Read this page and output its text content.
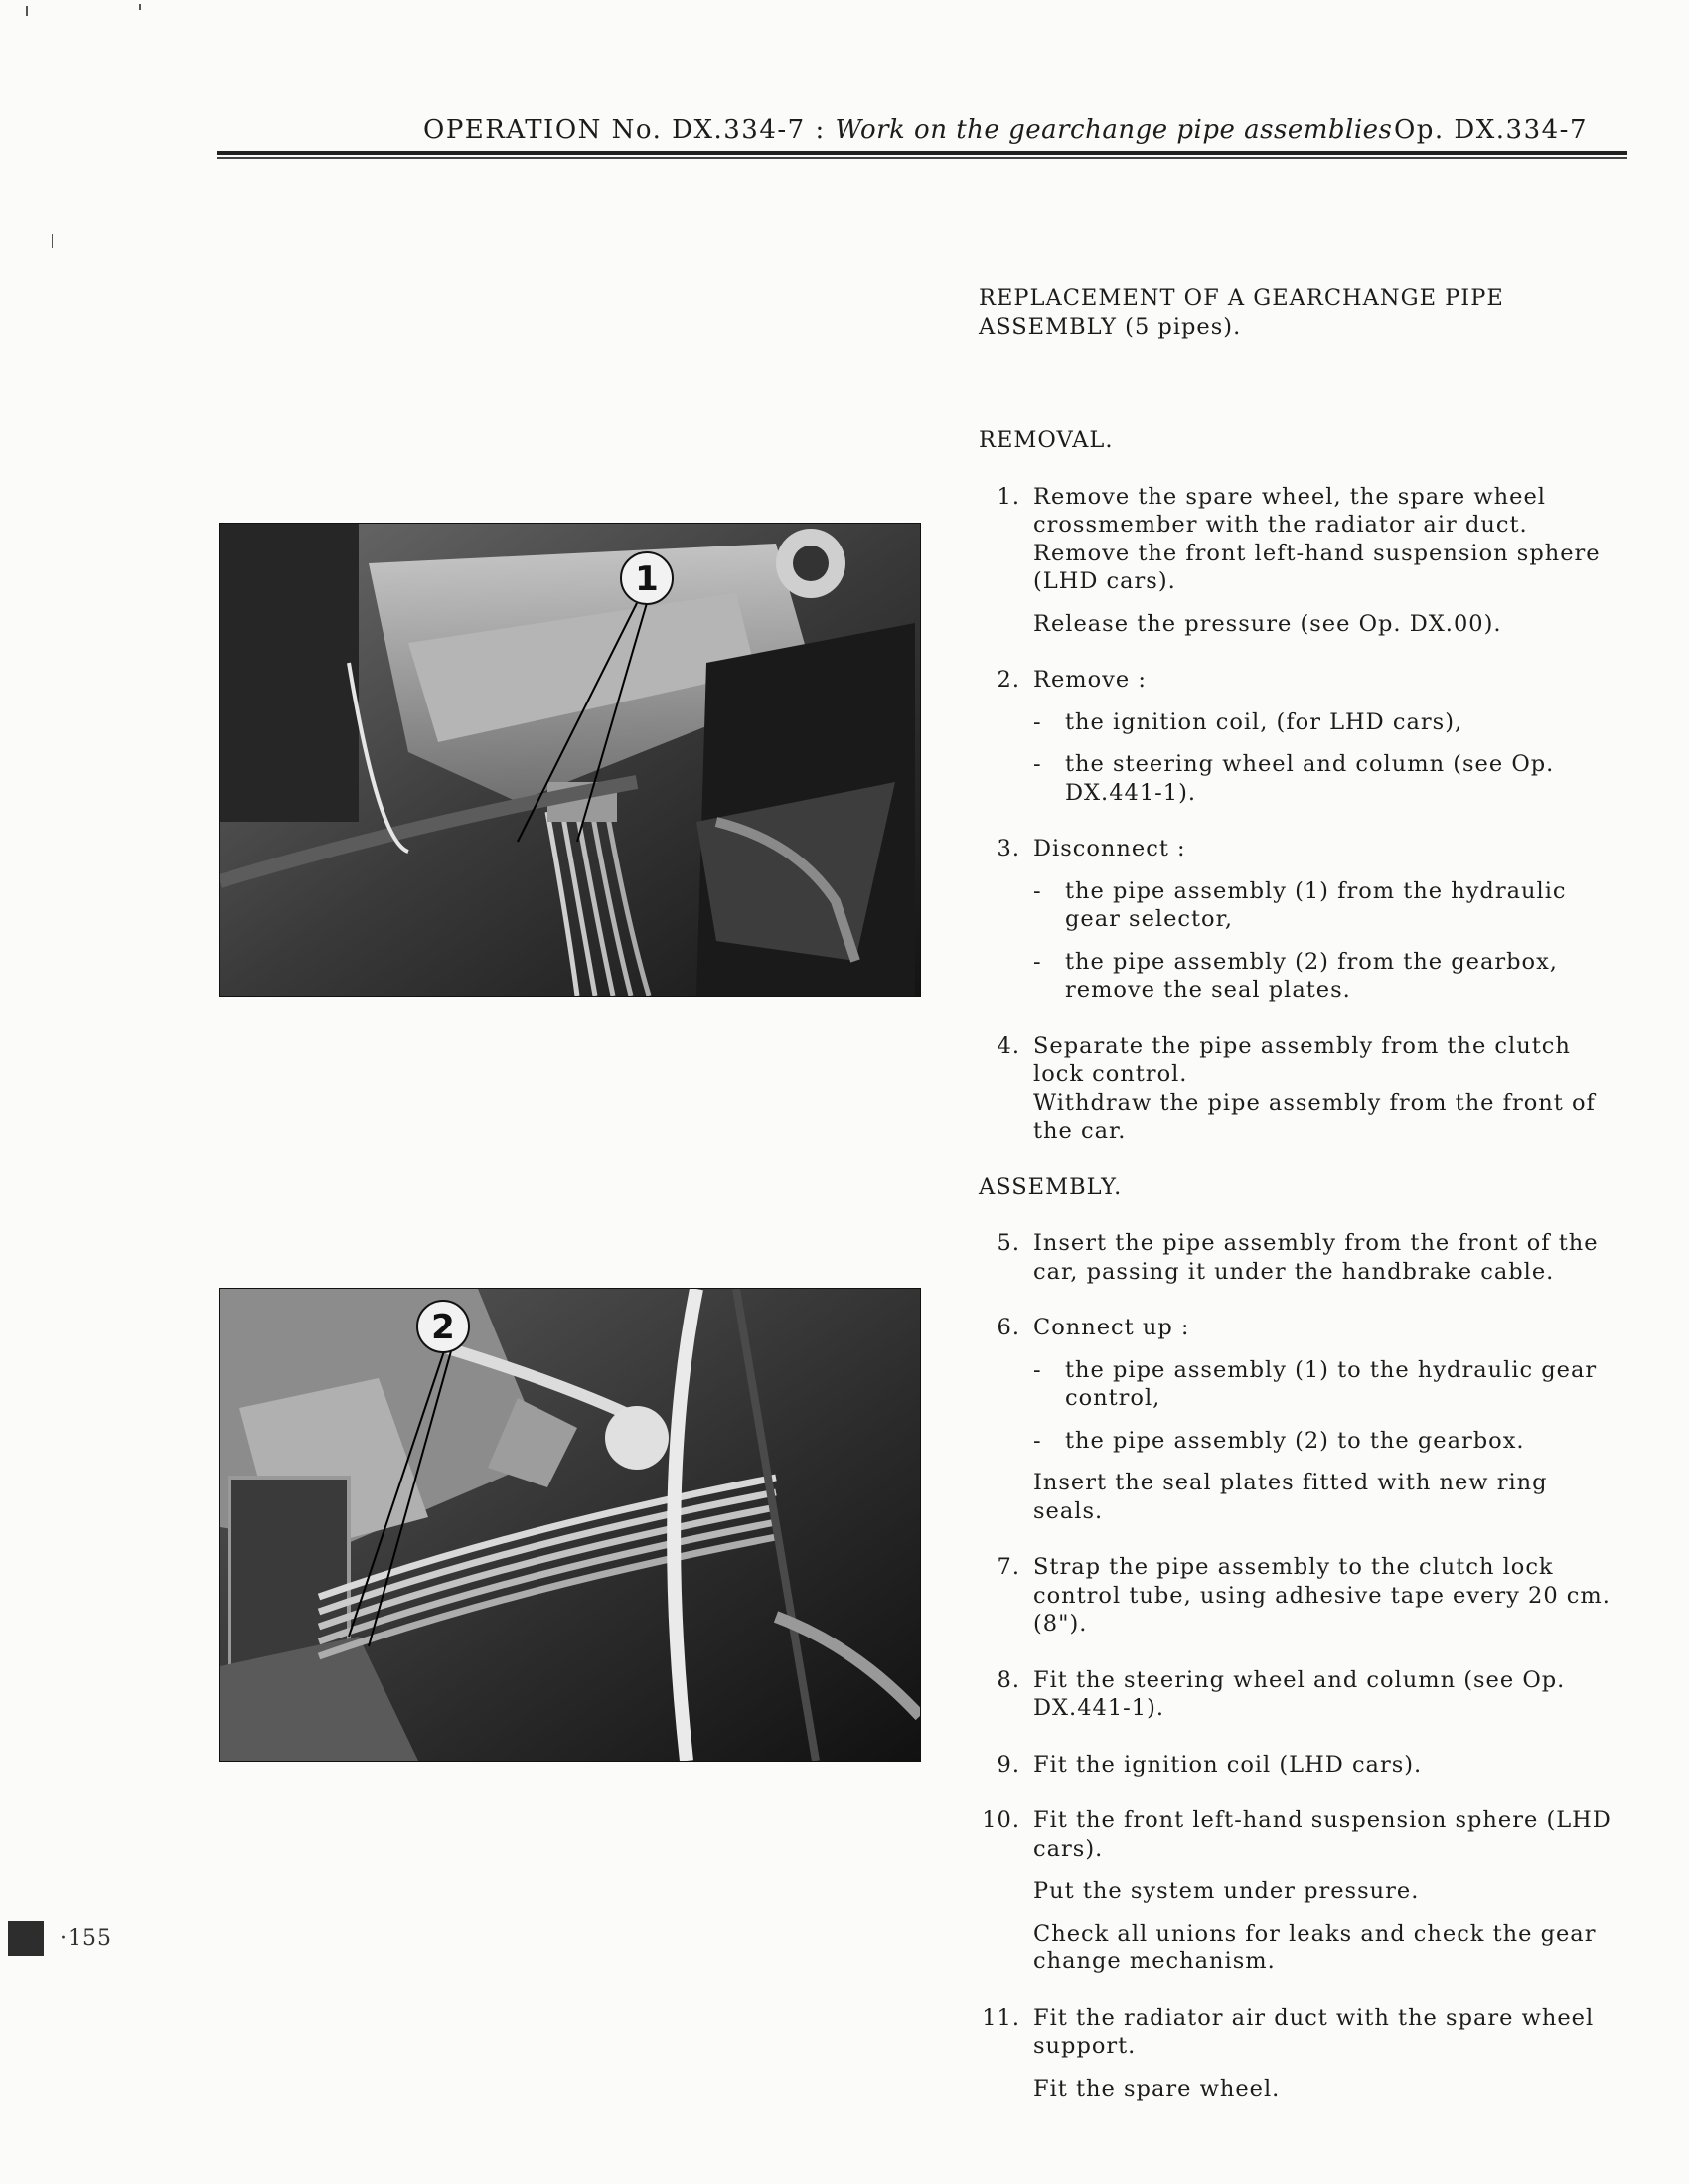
OPERATION No. DX.334-7 : Work on the gearchange pipe assemblies Op. DX.334-7
1
2

REPLACEMENT OF A GEARCHANGE PIPE ASSEMBLY (5 pipes).

REMOVAL.

1. Remove the spare wheel, the spare wheel crossmember with the radiator air duct. Remove the front left-hand suspension sphere (LHD cars).

Release the pressure (see Op. DX.00).

2. Remove :

- the ignition coil, (for LHD cars),
- the steering wheel and column (see Op. DX.441-1).
3. Disconnect :

- the pipe assembly (1) from the hydraulic gear selector,
- the pipe assembly (2) from the gearbox, remove the seal plates.
4. Separate the pipe assembly from the clutch lock control.

Withdraw the pipe assembly from the front of the car.

ASSEMBLY.

5. Insert the pipe assembly from the front of the car, passing it under the handbrake cable.

6. Connect up :

- the pipe assembly (1) to the hydraulic gear control,
- the pipe assembly (2) to the gearbox.

Insert the seal plates fitted with new ring seals.

7. Strap the pipe assembly to the clutch lock control tube, using adhesive tape every 20 cm. (8").

8. Fit the steering wheel and column (see Op. DX.441-1).

9. Fit the ignition coil (LHD cars).

10. Fit the front left-hand suspension sphere (LHD cars).

Put the system under pressure.

Check all unions for leaks and check the gear change mechanism.

11. Fit the radiator air duct with the spare wheel support.

Fit the spare wheel.

·155
